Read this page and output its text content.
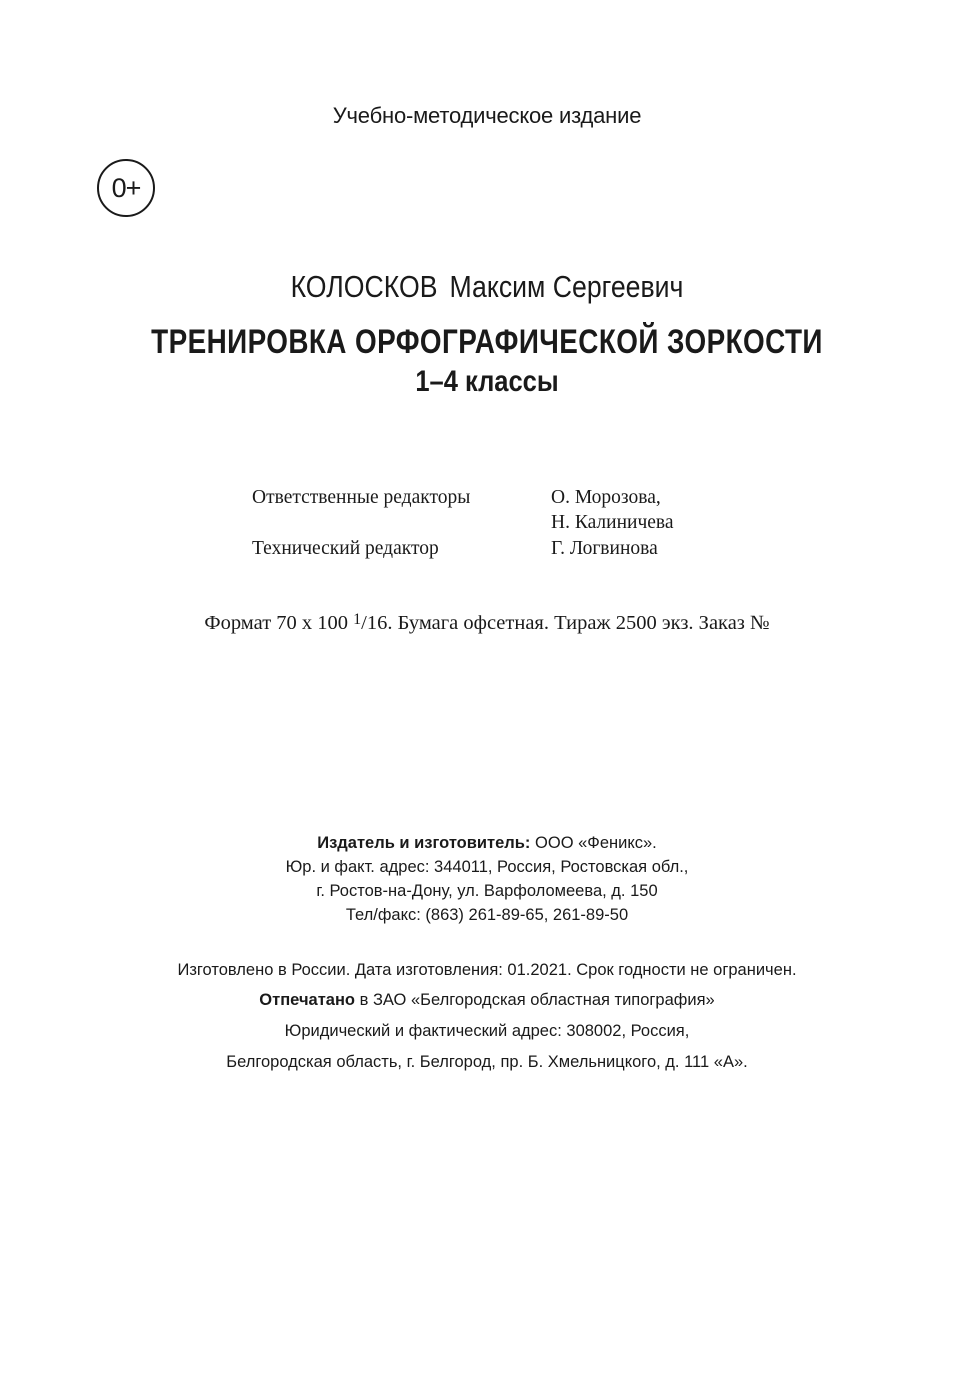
Учебно-методическое издание
0+
КОЛОСКОВ Максим Сергеевич
ТРЕНИРОВКА ОРФОГРАФИЧЕСКОЙ ЗОРКОСТИ
1–4 классы
Ответственные редакторы	О. Морозова,
Н. Калиничева
Технический редактор	Г. Логвинова
Формат 70 х 100 $^1$/16. Бумага офсетная. Тираж 2500 экз. Заказ №
Издатель и изготовитель: ООО «Феникс».
Юр. и факт. адрес: 344011, Россия, Ростовская обл.,
г. Ростов-на-Дону, ул. Варфоломеева, д. 150
Тел/факс: (863) 261-89-65, 261-89-50
Изготовлено в России. Дата изготовления: 01.2021. Срок годности не ограничен.
Отпечатано в ЗАО «Белгородская областная типография»
Юридический и фактический адрес: 308002, Россия,
Белгородская область, г. Белгород, пр. Б. Хмельницкого, д. 111 «А».
